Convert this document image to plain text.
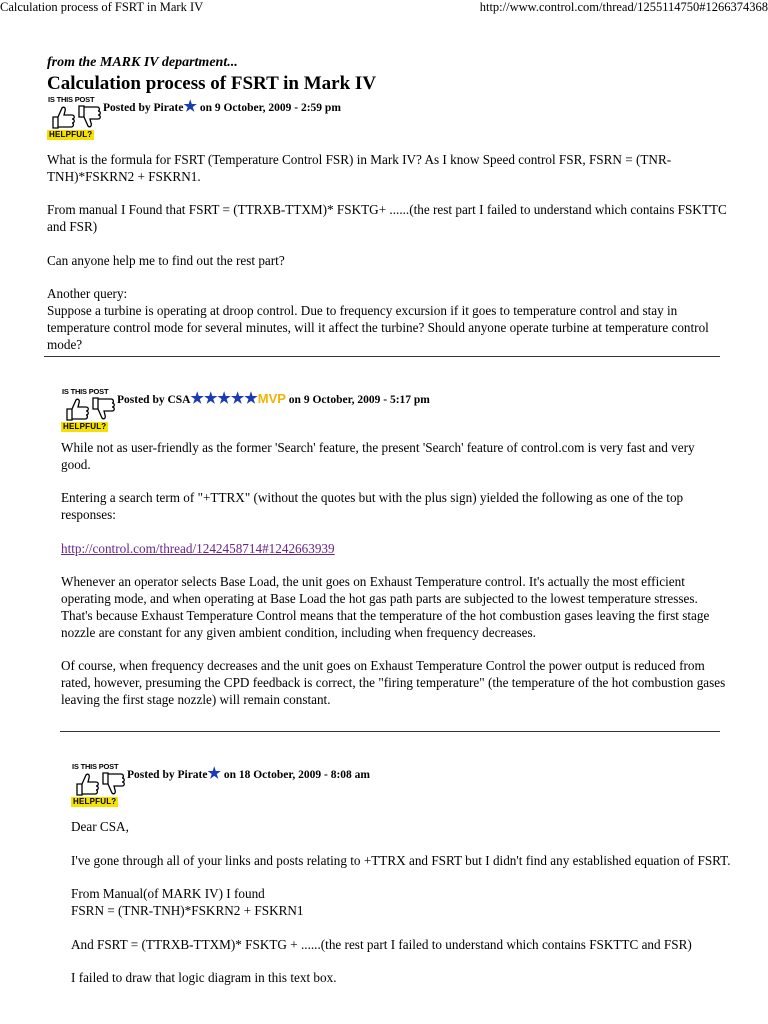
Calculation process of FSRT in Mark IV	http://www.control.com/thread/1255114750#1266374368
from the MARK IV department...
Calculation process of FSRT in Mark IV
IS THIS POST
HELPFUL?
Posted by Pirate★ on 9 October, 2009 - 2:59 pm

What is the formula for FSRT (Temperature Control FSR) in Mark IV? As I know Speed control FSR, FSRN = (TNR-TNH)*FSKRN2 + FSKRN1.

From manual I Found that FSRT = (TTRXB-TTXM)* FSKTG+ ......(the rest part I failed to understand which contains FSKTTC and FSR)

Can anyone help me to find out the rest part?

Another query:
Suppose a turbine is operating at droop control. Due to frequency excursion if it goes to temperature control and stay in temperature control mode for several minutes, will it affect the turbine? Should anyone operate turbine at temperature control mode?

IS THIS POST
HELPFUL?
Posted by CSA★★★★★MVP on 9 October, 2009 - 5:17 pm

While not as user-friendly as the former 'Search' feature, the present 'Search' feature of control.com is very fast and very good.

Entering a search term of "+TTRX" (without the quotes but with the plus sign) yielded the following as one of the top responses:

http://control.com/thread/1242458714#1242663939

Whenever an operator selects Base Load, the unit goes on Exhaust Temperature control. It's actually the most efficient operating mode, and when operating at Base Load the hot gas path parts are subjected to the lowest temperature stresses. That's because Exhaust Temperature Control means that the temperature of the hot combustion gases leaving the first stage nozzle are constant for any given ambient condition, including when frequency decreases.

Of course, when frequency decreases and the unit goes on Exhaust Temperature Control the power output is reduced from rated, however, presuming the CPD feedback is correct, the "firing temperature" (the temperature of the hot combustion gases leaving the first stage nozzle) will remain constant.

IS THIS POST
HELPFUL?
Posted by Pirate★ on 18 October, 2009 - 8:08 am

Dear CSA,

I've gone through all of your links and posts relating to +TTRX and FSRT but I didn't find any established equation of FSRT.

From Manual(of MARK IV) I found
FSRN = (TNR-TNH)*FSKRN2 + FSKRN1

And FSRT = (TTRXB-TTXM)* FSKTG + ......(the rest part I failed to understand which contains FSKTTC and FSR)

I failed to draw that logic diagram in this text box.
